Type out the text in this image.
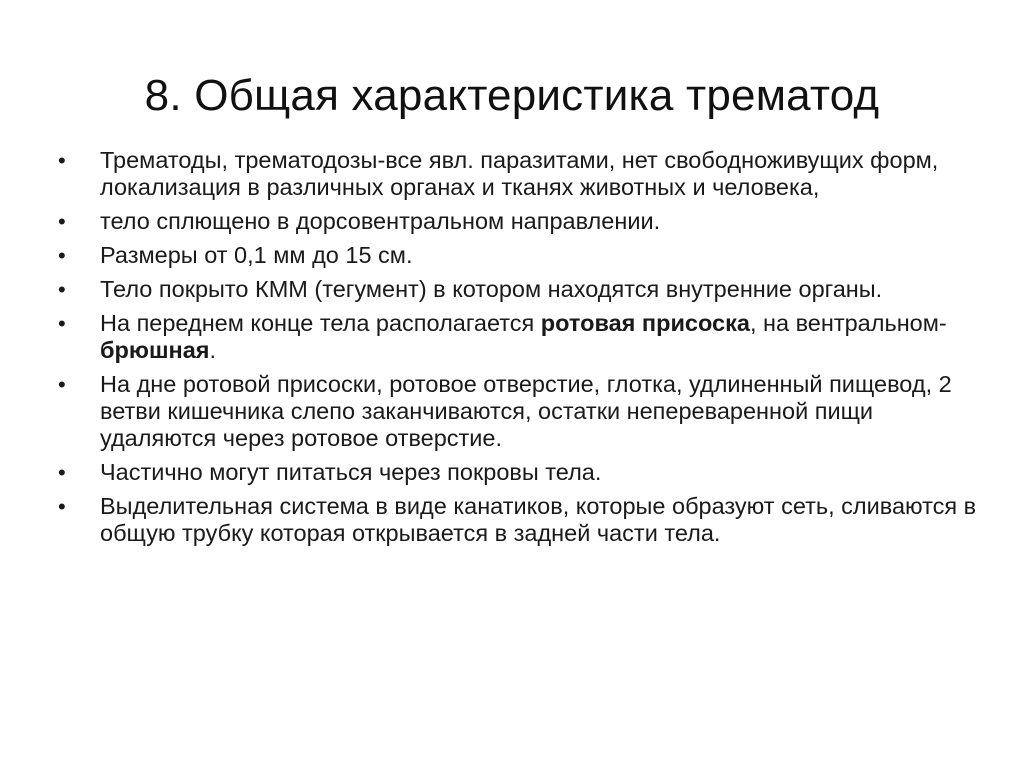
8. Общая характеристика трематод
•	Трематоды, трематодозы-все явл. паразитами, нет свободноживущих форм, локализация в различных органах и тканях животных и человека,
•	тело сплющено в дорсовентральном направлении.
•	Размеры от 0,1 мм до 15 см.
•	Тело покрыто КММ (тегумент) в котором находятся внутренние органы.
•	На переднем конце тела располагается ротовая присоска, на вентральном- брюшная.
•	На дне ротовой присоски, ротовое отверстие, глотка, удлиненный пищевод, 2 ветви кишечника слепо заканчиваются, остатки непереваренной пищи удаляются через ротовое отверстие.
•	Частично могут питаться через покровы тела.
•	Выделительная система в виде канатиков, которые образуют сеть, сливаются в общую трубку которая открывается в задней части тела.
